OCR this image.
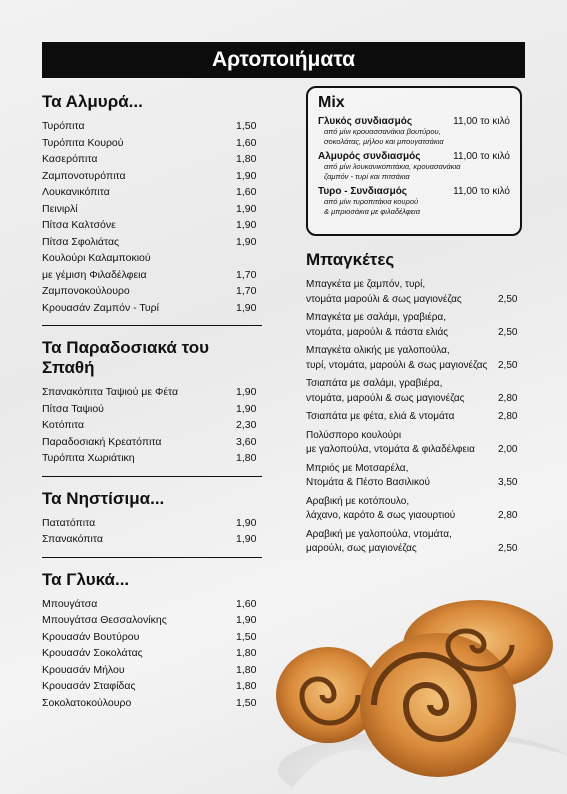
Αρτοποιήματα
Τα Αλμυρά...
Τυρόπιτα	1,50
Τυρόπιτα Κουρού	1,60
Κασερόπιτα	1,80
Ζαμπονοτυρόπιτα	1,90
Λουκανικόπιτα	1,60
Πεινιρλί	1,90
Πίτσα Καλτσόνε	1,90
Πίτσα Σφολιάτας	1,90
Κουλούρι Καλαμποκιού
με γέμιση Φιλαδέλφεια	1,70
Ζαμπονοκούλουρο	1,70
Κρουασάν Ζαμπόν - Τυρί	1,90
Τα Παραδοσιακά του Σπαθή
Σπανακόπιτα Ταψιού με Φέτα	1,90
Πίτσα Ταψιού	1,90
Κοτόπιτα	2,30
Παραδοσιακή Κρεατόπιτα	3,60
Τυρόπιτα Χωριάτικη	1,80
Τα Νηστίσιμα...
Πατατόπιτα	1,90
Σπανακόπιτα	1,90
Τα Γλυκά...
Μπουγάτσα	1,60
Μπουγάτσα Θεσσαλονίκης	1,90
Κρουασάν Βουτύρου	1,50
Κρουασάν Σοκολάτας	1,80
Κρουασάν Μήλου	1,80
Κρουασάν Σταφίδας	1,80
Σοκολατοκούλουρο	1,50
Mix
Γλυκός συνδιασμός	11,00 το κιλό
από μίνι κρουασσανάκια βουτύρου,
σοκολάτας, μήλου και μπουγατσάκια
Αλμυρός συνδιασμός	11,00 το κιλό
από μίνι λουκανικοπιτάκια, κρουασανάκια
ζαμπόν - τυρί και πιτσάκια
Τυρο - Συνδιασμός	11,00 το κιλό
από μίνι τυροπιτάκια κουρού
& μπριοσάκια με φιλαδέλφεια
Μπαγκέτες
Μπαγκέτα με ζαμπόν, τυρί,
ντομάτα μαρούλι & σως μαγιονέζας	2,50
Μπαγκέτα με σαλάμι, γραβιέρα,
ντομάτα, μαρούλι & πάστα ελιάς	2,50
Μπαγκέτα ολικής με γαλοπούλα,
τυρί, ντομάτα, μαρούλι & σως μαγιονέζας 2,50
Τσιαπάτα με σαλάμι, γραβιέρα,
ντομάτα, μαρούλι & σως μαγιονέζας	2,80
Τσιαπάτα με φέτα, ελιά & ντομάτα	2,80
Πολύσπορο κουλούρι
με γαλοπούλα, ντομάτα & φιλαδέλφεια 2,00
Μπριός με Μοτσαρέλα,
Ντομάτα & Πέστο Βασιλικού	3,50
Αραβική με κοτόπουλο,
λάχανο, καρότο & σως γιαουρτιού	2,80
Αραβική με γαλοπούλα, ντομάτα,
μαρούλι, σως μαγιονέζας	2,50
